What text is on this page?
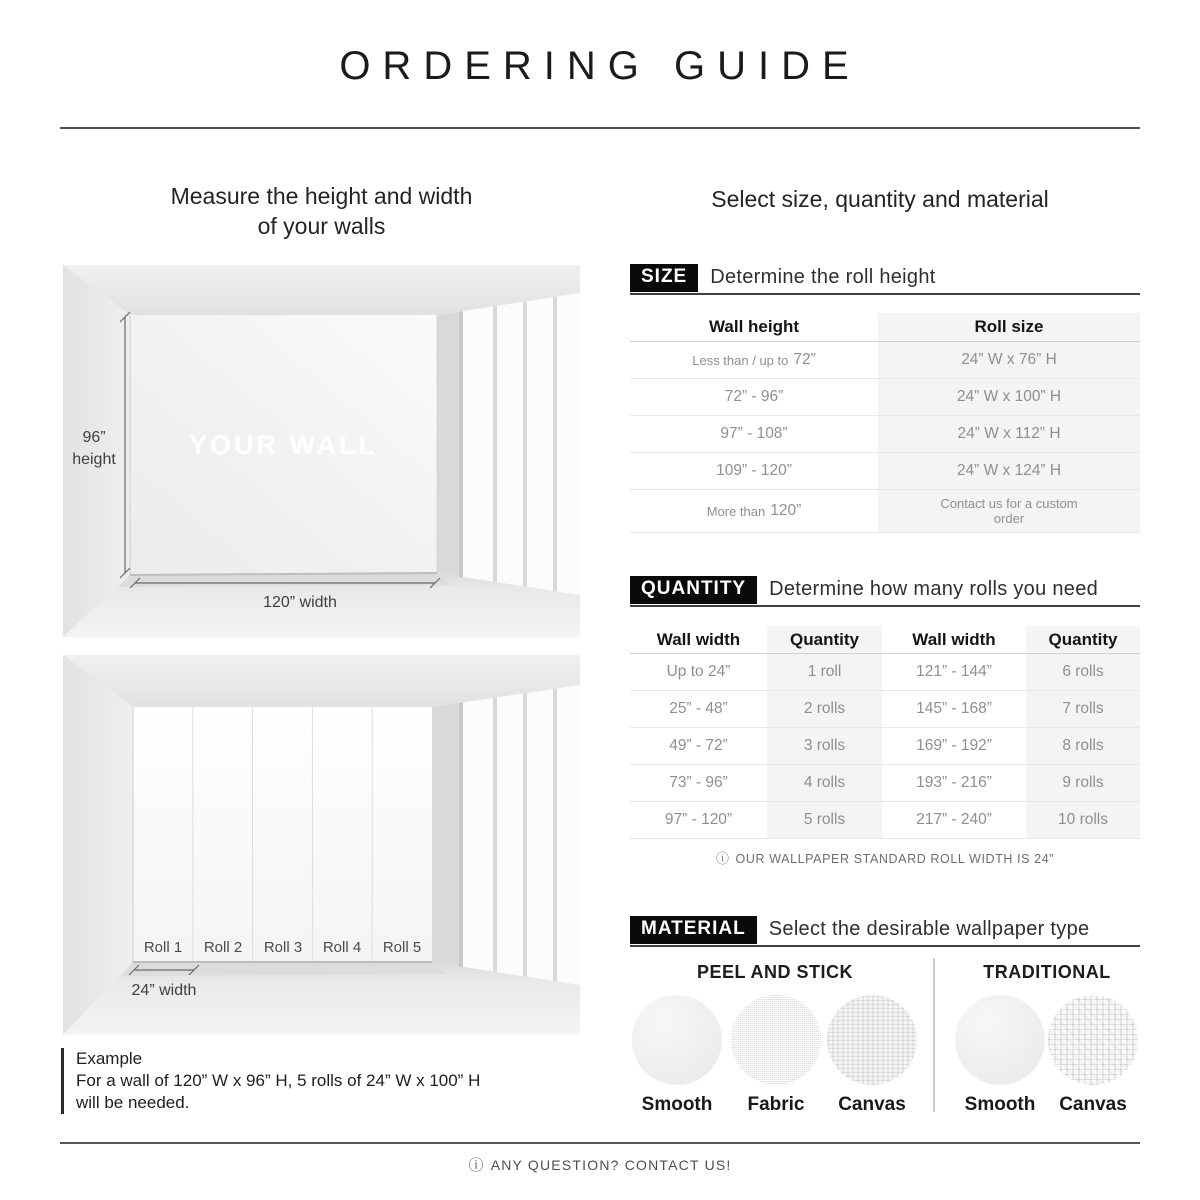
ORDERING GUIDE
Measure the height and width
of your walls
Select size, quantity and material
YOUR WALL
96”
height
120” width
Roll 1	Roll 2	Roll 3	Roll 4	Roll 5
24” width

Example

For a wall of 120” W x 96” H, 5 rolls of 24” W x 100” H

will be needed.

SIZE	Determine the roll height
Wall height	Roll size
Less than / up to 72”	24” W x 76” H
72” - 96”	24” W x 100” H
97” - 108”	24” W x 112” H
109” - 120”	24” W x 124” H
More than 120”	Contact us for a custom order
QUANTITY	Determine how many rolls you need
Wall width	Quantity	Wall width	Quantity
Up to 24”	1 roll	121” - 144”	6 rolls
25” - 48”	2 rolls	145” - 168”	7 rolls
49” - 72”	3 rolls	169” - 192”	8 rolls
73” - 96”	4 rolls	193” - 216”	9 rolls
97” - 120”	5 rolls	217” - 240”	10 rolls
ⓘ OUR WALLPAPER STANDARD ROLL WIDTH IS 24”
MATERIAL	Select the desirable wallpaper type
PEEL AND STICK	TRADITIONAL
Smooth	Fabric	Canvas	Smooth	Canvas
ⓘ ANY QUESTION? CONTACT US!
